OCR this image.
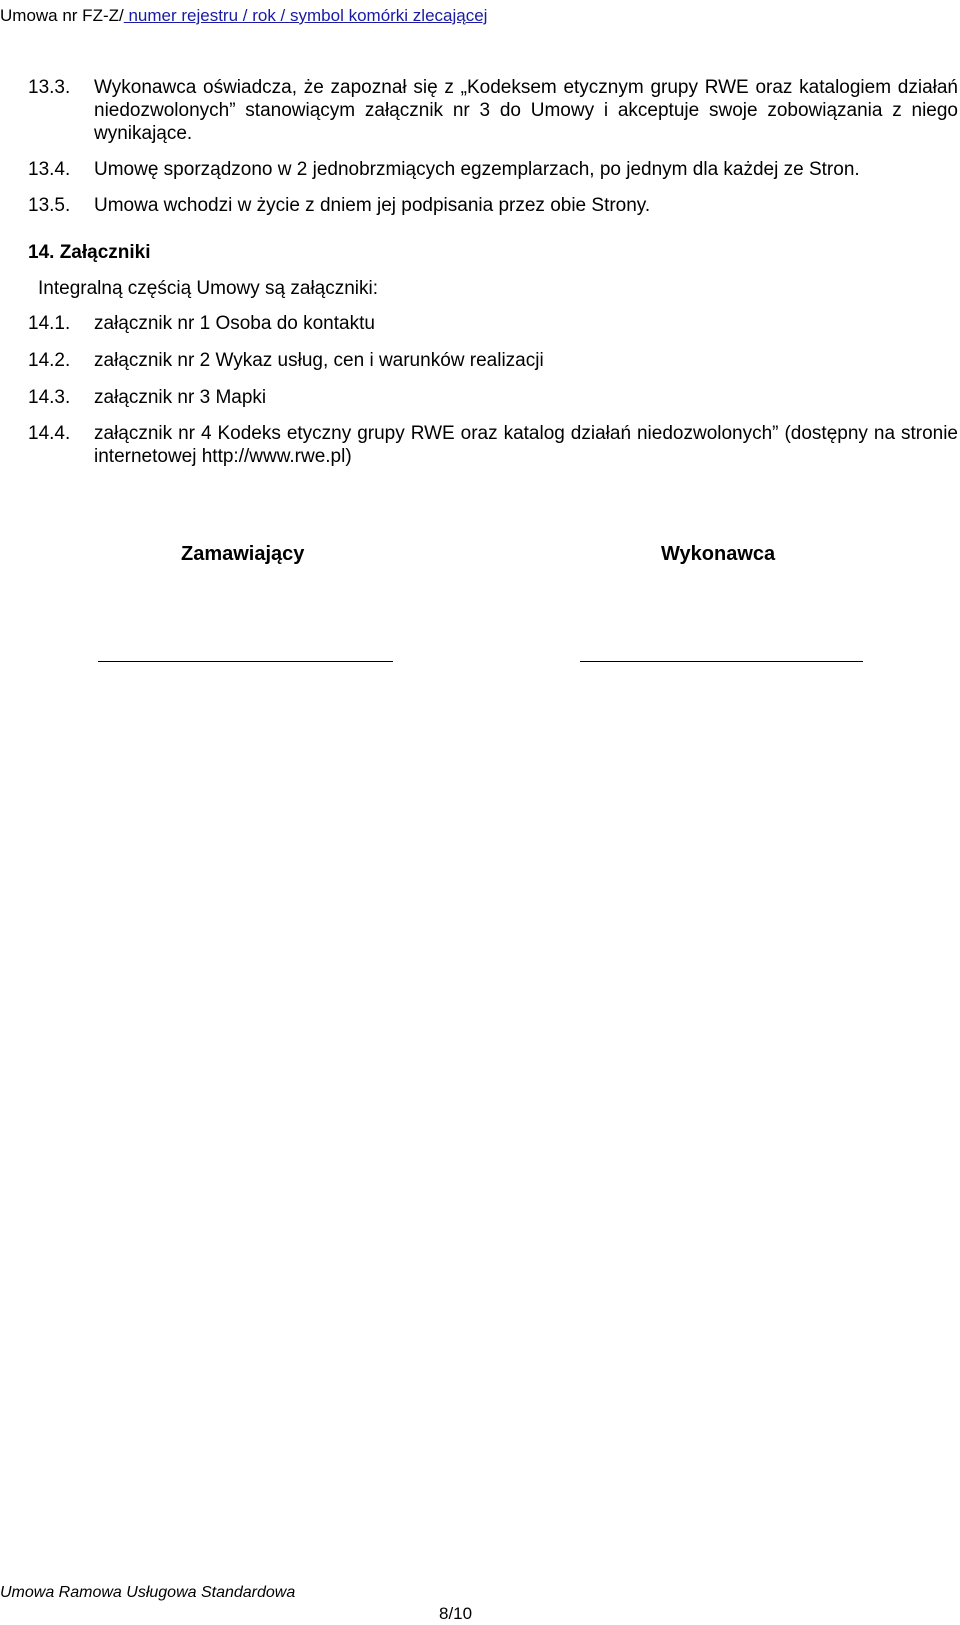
Umowa nr FZ-Z/ numer rejestru / rok / symbol komórki zlecającej
13.3. Wykonawca oświadcza, że zapoznał się z „Kodeksem etycznym grupy RWE oraz katalogiem działań niedozwolonych” stanowiącym załącznik nr 3 do Umowy i akceptuje swoje zobowiązania z niego wynikające.
13.4. Umowę sporządzono w 2 jednobrzmiących egzemplarzach, po jednym dla każdej ze Stron.
13.5. Umowa wchodzi w życie z dniem jej podpisania przez obie Strony.
14. Załączniki
Integralną częścią Umowy są załączniki:
14.1. załącznik nr 1 Osoba do kontaktu
14.2. załącznik nr 2 Wykaz usług, cen i warunków realizacji
14.3. załącznik nr 3 Mapki
14.4. załącznik nr 4 Kodeks etyczny grupy RWE oraz katalog działań niedozwolonych” (dostępny na stronie internetowej http://www.rwe.pl)
Zamawiający	Wykonawca
Umowa Ramowa Usługowa Standardowa
8/10
